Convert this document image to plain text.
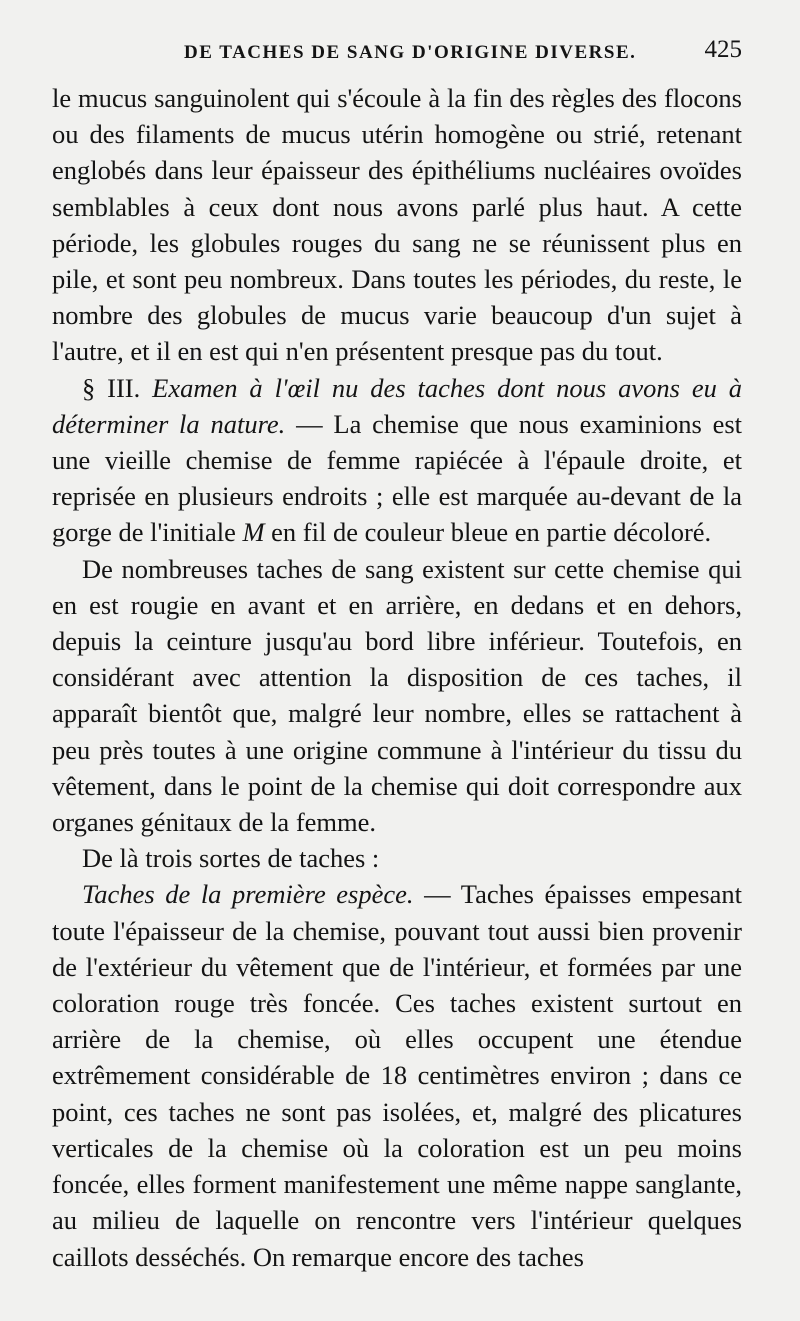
DE TACHES DE SANG D'ORIGINE DIVERSE.	425

le mucus sanguinolent qui s'écoule à la fin des règles des flocons ou des filaments de mucus utérin homogène ou strié, retenant englobés dans leur épaisseur des épithéliums nucléaires ovoïdes semblables à ceux dont nous avons parlé plus haut. A cette période, les globules rouges du sang ne se réunissent plus en pile, et sont peu nombreux. Dans toutes les périodes, du reste, le nombre des globules de mucus varie beaucoup d'un sujet à l'autre, et il en est qui n'en présentent presque pas du tout.

§ III. Examen à l'œil nu des taches dont nous avons eu à déterminer la nature. — La chemise que nous examinions est une vieille chemise de femme rapiécée à l'épaule droite, et reprisée en plusieurs endroits ; elle est marquée au-devant de la gorge de l'initiale M en fil de couleur bleue en partie décoloré.

De nombreuses taches de sang existent sur cette chemise qui en est rougie en avant et en arrière, en dedans et en dehors, depuis la ceinture jusqu'au bord libre inférieur. Toutefois, en considérant avec attention la disposition de ces taches, il apparaît bientôt que, malgré leur nombre, elles se rattachent à peu près toutes à une origine commune à l'intérieur du tissu du vêtement, dans le point de la chemise qui doit correspondre aux organes génitaux de la femme.

De là trois sortes de taches :

Taches de la première espèce. — Taches épaisses empesant toute l'épaisseur de la chemise, pouvant tout aussi bien provenir de l'extérieur du vêtement que de l'intérieur, et formées par une coloration rouge très foncée. Ces taches existent surtout en arrière de la chemise, où elles occupent une étendue extrêmement considérable de 18 centimètres environ ; dans ce point, ces taches ne sont pas isolées, et, malgré des plicatures verticales de la chemise où la coloration est un peu moins foncée, elles forment manifestement une même nappe sanglante, au milieu de laquelle on rencontre vers l'intérieur quelques caillots desséchés. On remarque encore des taches
